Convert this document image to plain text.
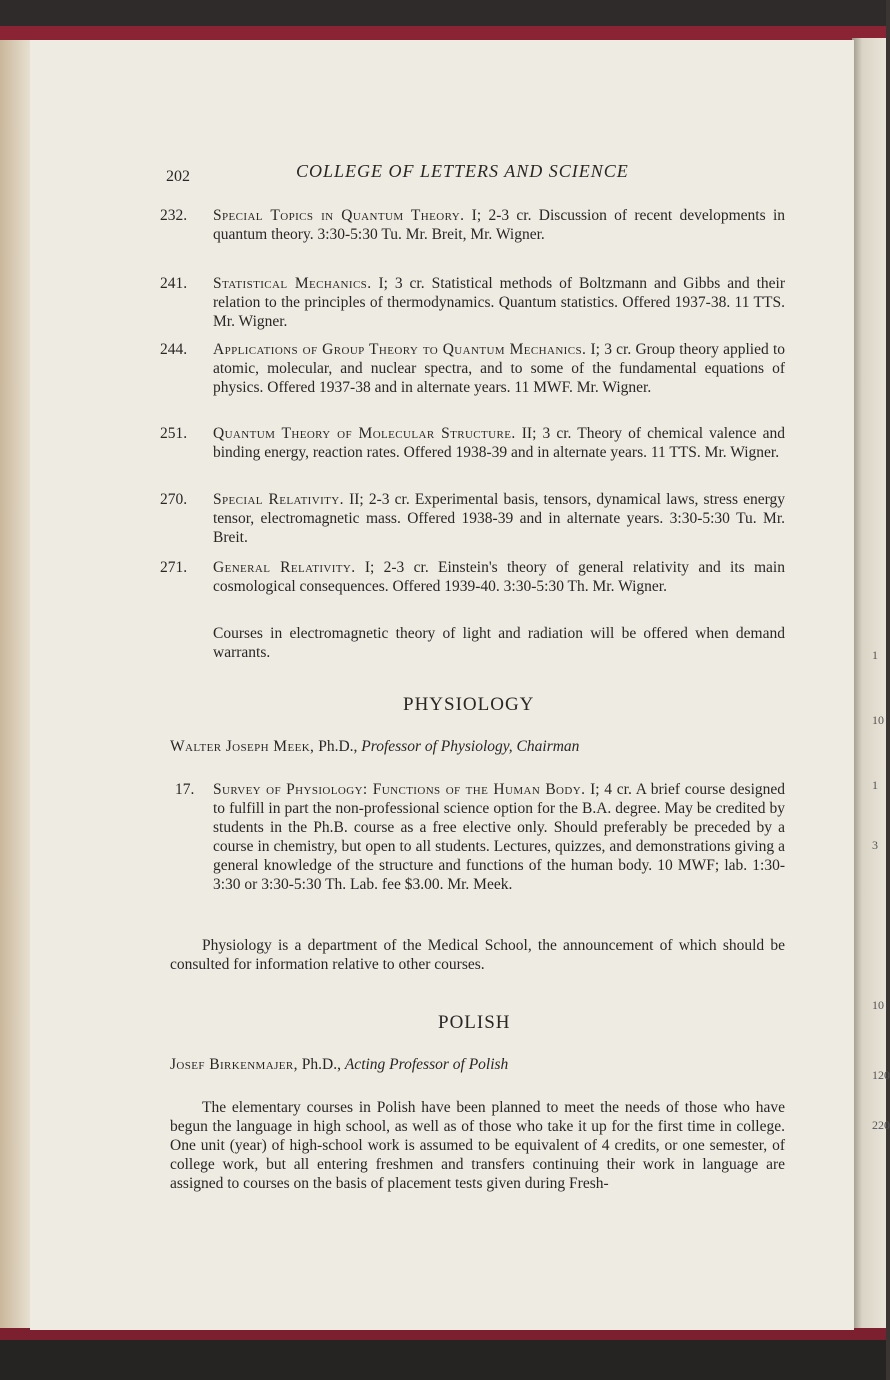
1
10
1
3
10
120
220
202	COLLEGE OF LETTERS AND SCIENCE
232.	Special Topics in Quantum Theory. I; 2-3 cr. Discussion of recent developments in quantum theory. 3:30-5:30 Tu. Mr. Breit, Mr. Wigner.
241.	Statistical Mechanics. I; 3 cr. Statistical methods of Boltzmann and Gibbs and their relation to the principles of thermodynamics. Quantum statistics. Offered 1937-38. 11 TTS. Mr. Wigner.
244.	Applications of Group Theory to Quantum Mechanics. I; 3 cr. Group theory applied to atomic, molecular, and nuclear spectra, and to some of the fundamental equations of physics. Offered 1937-38 and in alternate years. 11 MWF. Mr. Wigner.
251.	Quantum Theory of Molecular Structure. II; 3 cr. Theory of chemical valence and binding energy, reaction rates. Offered 1938-39 and in alternate years. 11 TTS. Mr. Wigner.
270.	Special Relativity. II; 2-3 cr. Experimental basis, tensors, dynamical laws, stress energy tensor, electromagnetic mass. Offered 1938-39 and in alternate years. 3:30-5:30 Tu. Mr. Breit.
271.	General Relativity. I; 2-3 cr. Einstein's theory of general relativity and its main cosmological consequences. Offered 1939-40. 3:30-5:30 Th. Mr. Wigner.
Courses in electromagnetic theory of light and radiation will be offered when demand warrants.
PHYSIOLOGY
Walter Joseph Meek, Ph.D., Professor of Physiology, Chairman
17.	Survey of Physiology: Functions of the Human Body. I; 4 cr. A brief course designed to fulfill in part the non-professional science option for the B.A. degree. May be credited by students in the Ph.B. course as a free elective only. Should preferably be preceded by a course in chemistry, but open to all students. Lectures, quizzes, and demonstrations giving a general knowledge of the structure and functions of the human body. 10 MWF; lab. 1:30-3:30 or 3:30-5:30 Th. Lab. fee $3.00. Mr. Meek.
Physiology is a department of the Medical School, the announcement of which should be consulted for information relative to other courses.
POLISH
Josef Birkenmajer, Ph.D., Acting Professor of Polish
The elementary courses in Polish have been planned to meet the needs of those who have begun the language in high school, as well as of those who take it up for the first time in college. One unit (year) of high-school work is assumed to be equivalent of 4 credits, or one semester, of college work, but all entering freshmen and transfers continuing their work in language are assigned to courses on the basis of placement tests given during Fresh-
